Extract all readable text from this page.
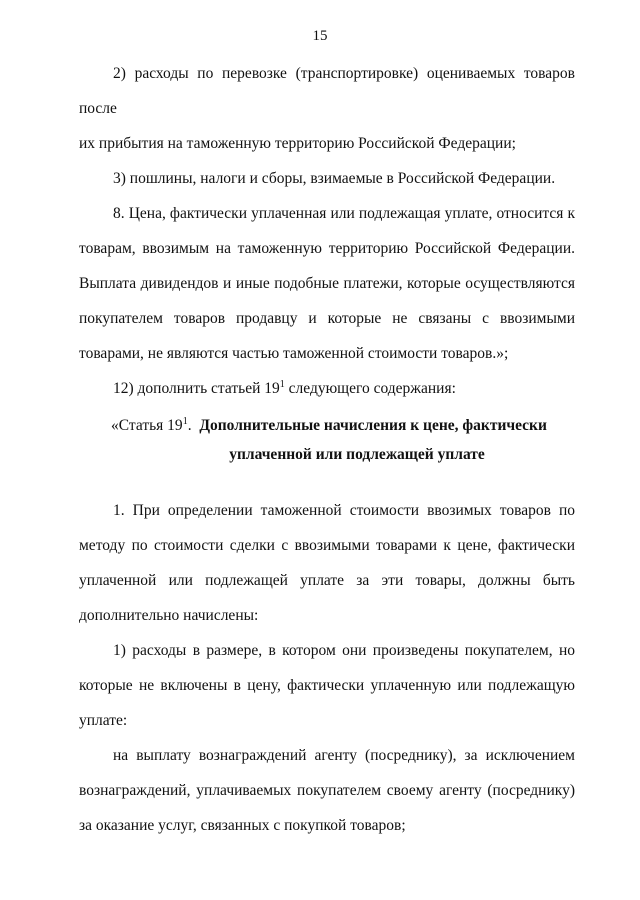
15

2) расходы по перевозке (транспортировке) оцениваемых товаров после

их прибытия на таможенную территорию Российской Федерации;

3) пошлины, налоги и сборы, взимаемые в Российской Федерации.

8. Цена, фактически уплаченная или подлежащая уплате, относится к товарам, ввозимым на таможенную территорию Российской Федерации. Выплата дивидендов и иные подобные платежи, которые осуществляются покупателем товаров продавцу и которые не связаны с ввозимыми товарами, не являются частью таможенной стоимости товаров.»;

12) дополнить статьей $19^1$ следующего содержания:

«Статья $19^1$. Дополнительные начисления к цене, фактически
уплаченной или подлежащей уплате

1. При определении таможенной стоимости ввозимых товаров по методу по стоимости сделки с ввозимыми товарами к цене, фактически уплаченной или подлежащей уплате за эти товары, должны быть дополнительно начислены:

1) расходы в размере, в котором они произведены покупателем, но которые не включены в цену, фактически уплаченную или подлежащую уплате:

на выплату вознаграждений агенту (посреднику), за исключением вознаграждений, уплачиваемых покупателем своему агенту (посреднику) за оказание услуг, связанных с покупкой товаров;
